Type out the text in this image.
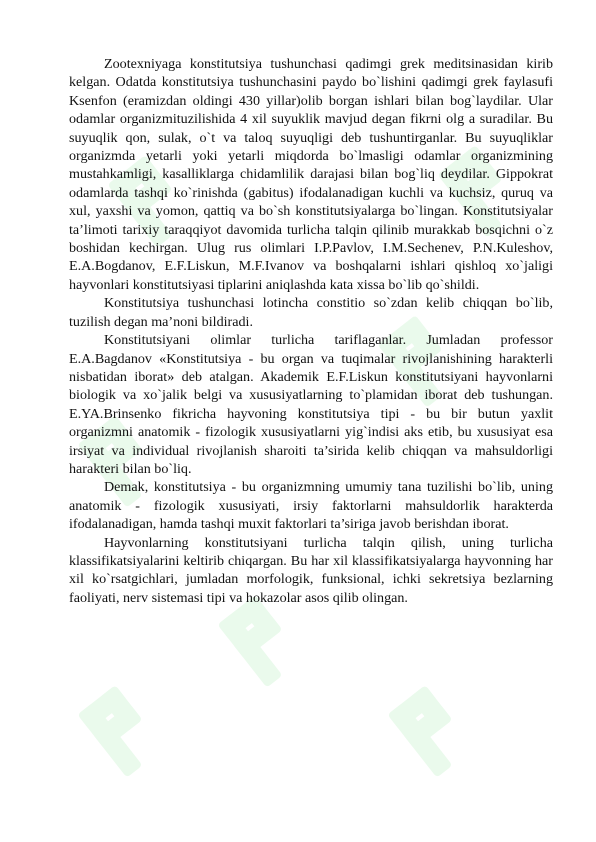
Zootexniyaga konstitutsiya tushunchasi qadimgi grek meditsinasidan kirib kelgan. Odatda konstitutsiya tushunchasini paydo bo`lishini qadimgi grek faylasufi Ksenfon (eramizdan oldingi 430 yillar)olib borgan ishlari bilan bog`laydilar. Ular odamlar organizmituzilishida 4 xil suyuklik mavjud degan fikrni olg a suradilar. Bu suyuqlik qon, sulak, o`t va taloq suyuqligi deb tushuntirganlar. Bu suyuqliklar organizmda yetarli yoki yetarli miqdorda bo`lmasligi odamlar organizmining mustahkamligi, kasalliklarga chidamlilik darajasi bilan bog`liq deydilar. Gippokrat odamlarda tashqi ko`rinishda (gabitus) ifodalanadigan kuchli va kuchsiz, quruq va xul, yaxshi va yomon, qattiq va bo`sh konstitutsiyalarga bo`lingan. Konstitutsiyalar ta’limoti tarixiy taraqqiyot davomida turlicha talqin qilinib murakkab bosqichni o`z boshidan kechirgan. Ulug rus olimlari I.P.Pavlov, I.M.Sechenev, P.N.Kuleshov, E.A.Bogdanov, E.F.Liskun, M.F.Ivanov va boshqalarni ishlari qishloq xo`jaligi hayvonlari konstitutsiyasi tiplarini aniqlashda kata xissa bo`lib qo`shildi.

Konstitutsiya tushunchasi lotincha constitio so`zdan kelib chiqqan bo`lib, tuzilish degan ma’noni bildiradi.

Konstitutsiyani olimlar turlicha tariflaganlar. Jumladan professor E.A.Bagdanov «Konstitutsiya - bu organ va tuqimalar rivojlanishining harakterli nisbatidan iborat» deb atalgan. Akademik E.F.Liskun konstitutsiyani hayvonlarni biologik va xo`jalik belgi va xususiyatlarning to`plamidan iborat deb tushungan. E.YA.Brinsenko fikricha hayvoning konstitutsiya tipi - bu bir butun yaxlit organizmni anatomik - fizologik xususiyatlarni yig`indisi aks etib, bu xususiyat esa irsiyat va individual rivojlanish sharoiti ta’sirida kelib chiqqan va mahsuldorligi harakteri bilan bo`liq.

Demak, konstitutsiya - bu organizmning umumiy tana tuzilishi bo`lib, uning anatomik - fizologik xususiyati, irsiy faktorlarni mahsuldorlik harakterda ifodalanadigan, hamda tashqi muxit faktorlari ta’siriga javob berishdan iborat.

Hayvonlarning konstitutsiyani turlicha talqin qilish, uning turlicha klassifikatsiyalarini keltirib chiqargan. Bu har xil klassifikatsiyalarga hayvonning har xil ko`rsatgichlari, jumladan morfologik, funksional, ichki sekretsiya bezlarning faoliyati, nerv sistemasi tipi va hokazolar asos qilib olingan.
